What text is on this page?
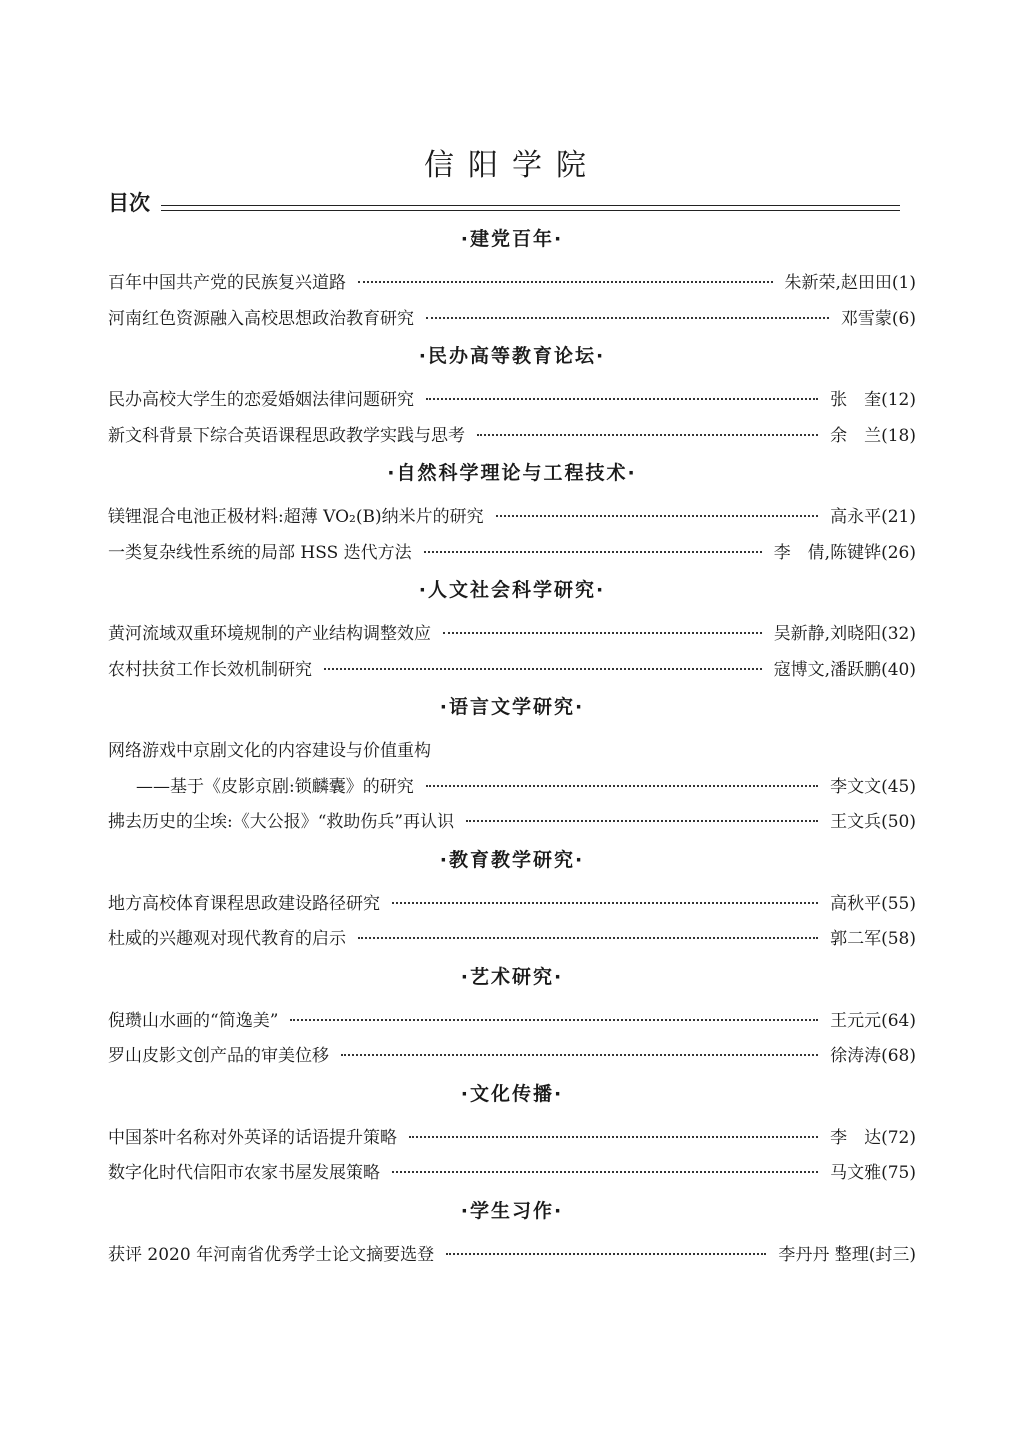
信阳学院
目次
·建党百年·
百年中国共产党的民族复兴道路	朱新荣,赵田田(1)
河南红色资源融入高校思想政治教育研究	邓雪蒙(6)
·民办高等教育论坛·
民办高校大学生的恋爱婚姻法律问题研究	张　奎(12)
新文科背景下综合英语课程思政教学实践与思考	余　兰(18)
·自然科学理论与工程技术·
镁锂混合电池正极材料:超薄 VO₂(B)纳米片的研究	高永平(21)
一类复杂线性系统的局部 HSS 迭代方法	李　倩,陈键铧(26)
·人文社会科学研究·
黄河流域双重环境规制的产业结构调整效应	吴新静,刘晓阳(32)
农村扶贫工作长效机制研究	寇博文,潘跃鹏(40)
·语言文学研究·
网络游戏中京剧文化的内容建设与价值重构
——基于《皮影京剧:锁麟囊》的研究	李文文(45)
拂去历史的尘埃:《大公报》“救助伤兵”再认识	王文兵(50)
·教育教学研究·
地方高校体育课程思政建设路径研究	高秋平(55)
杜威的兴趣观对现代教育的启示	郭二军(58)
·艺术研究·
倪瓒山水画的“简逸美”	王元元(64)
罗山皮影文创产品的审美位移	徐涛涛(68)
·文化传播·
中国茶叶名称对外英译的话语提升策略	李　达(72)
数字化时代信阳市农家书屋发展策略	马文雅(75)
·学生习作·
获评 2020 年河南省优秀学士论文摘要选登	李丹丹 整理(封三)
